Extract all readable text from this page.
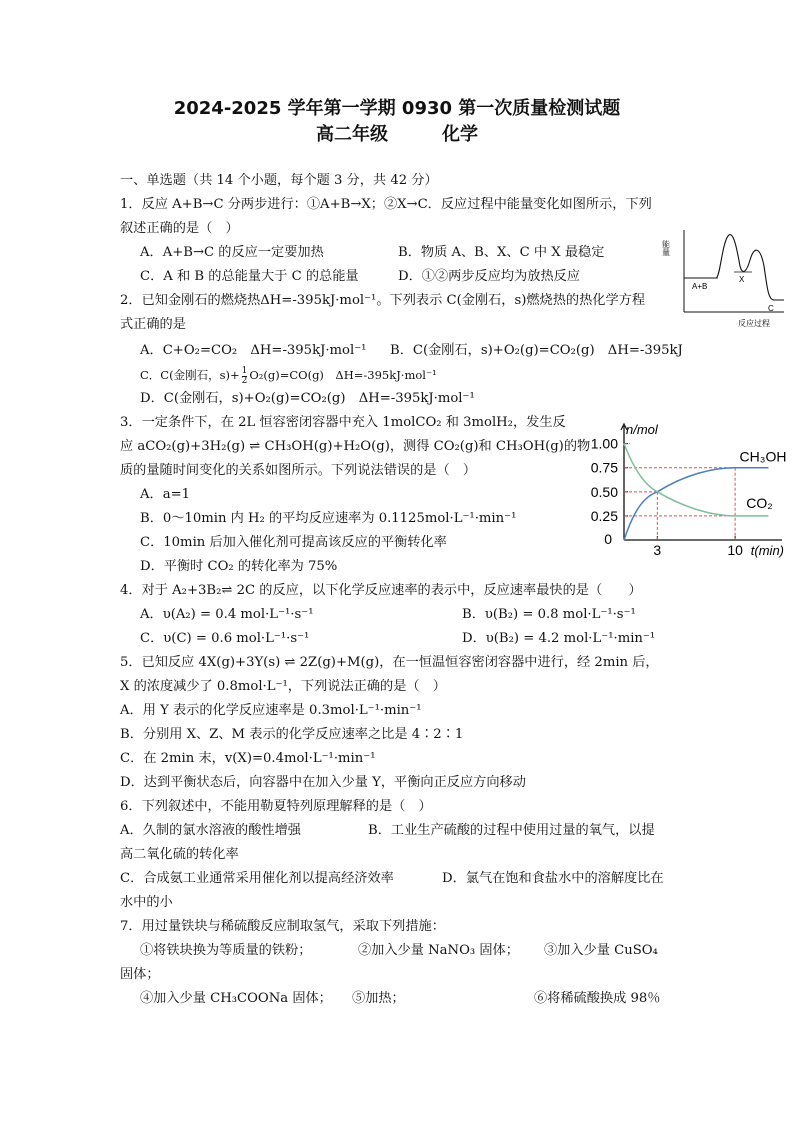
2024-2025 学年第一学期 0930 第一次质量检测试题
高二年级　　　化学
一、单选题（共 14 个小题，每个题 3 分，共 42 分）
1．反应 A+B→C 分两步进行：①A+B→X；②X→C．反应过程中能量变化如图所示，下列
叙述正确的是（　）
A．A+B→C 的反应一定要加热	B．物质 A、B、X、C 中 X 最稳定
C．A 和 B 的总能量大于 C 的总能量	D．①②两步反应均为放热反应
能量
A+B
X
C
反应过程
2．已知金刚石的燃烧热ΔH=-395kJ·mol⁻¹。下列表示 C(金刚石，s)燃烧热的热化学方程
式正确的是
A．C+O₂=CO₂　ΔH=-395kJ·mol⁻¹ B．C(金刚石，s)+O₂(g)=CO₂(g)　ΔH=-395kJ
C．C(金刚石，$s)+ \frac{1}{2} O_2(g)=CO(g)$　ΔH=-395kJ·mol⁻¹
D．C(金刚石，s)+O₂(g)=CO₂(g)　ΔH=-395kJ·mol⁻¹
3．一定条件下，在 2L 恒容密闭容器中充入 1molCO₂ 和 3molH₂，发生反
应 aCO₂(g)+3H₂(g) ⇌ CH₃OH(g)+H₂O(g)，测得 CO₂(g)和 CH₃OH(g)的物
质的量随时间变化的关系如图所示。下列说法错误的是（　）
A．a=1
B．0～10min 内 H₂ 的平均反应速率为 0.1125mol·L⁻¹·min⁻¹
C．10min 后加入催化剂可提高该反应的平衡转化率
D．平衡时 CO₂ 的转化率为 75%
1.00
0.75
0.50
0.25
0
3	10
n/mol
t(min)
CH₃OH
CO₂
4．对于 A₂+3B₂⇌ 2C 的反应，以下化学反应速率的表示中，反应速率最快的是（　　）
A．υ(A₂) = 0.4 mol·L⁻¹·s⁻¹	B．υ(B₂) = 0.8 mol·L⁻¹·s⁻¹
C．υ(C) = 0.6 mol·L⁻¹·s⁻¹	D．υ(B₂) = 4.2 mol·L⁻¹·min⁻¹
5．已知反应 4X(g)+3Y(s) ⇌ 2Z(g)+M(g)，在一恒温恒容密闭容器中进行，经 2min 后，
X 的浓度减少了 0.8mol·L⁻¹，下列说法正确的是（　）
A．用 Y 表示的化学反应速率是 0.3mol·L⁻¹·min⁻¹
B．分别用 X、Z、M 表示的化学反应速率之比是 4∶2∶1
C．在 2min 末，v(X)=0.4mol·L⁻¹·min⁻¹
D．达到平衡状态后，向容器中在加入少量 Y，平衡向正反应方向移动
6．下列叙述中，不能用勒夏特列原理解释的是（　）
A．久制的氯水溶液的酸性增强	B．工业生产硫酸的过程中使用过量的氧气，以提
高二氧化硫的转化率
C．合成氨工业通常采用催化剂以提高经济效率	D．氯气在饱和食盐水中的溶解度比在
水中的小
7．用过量铁块与稀硫酸反应制取氢气，采取下列措施：
①将铁块换为等质量的铁粉；	②加入少量 NaNO₃ 固体； ③加入少量 CuSO₄
固体；
④加入少量 CH₃COONa 固体； ⑤加热；	⑥将稀硫酸换成 98％
